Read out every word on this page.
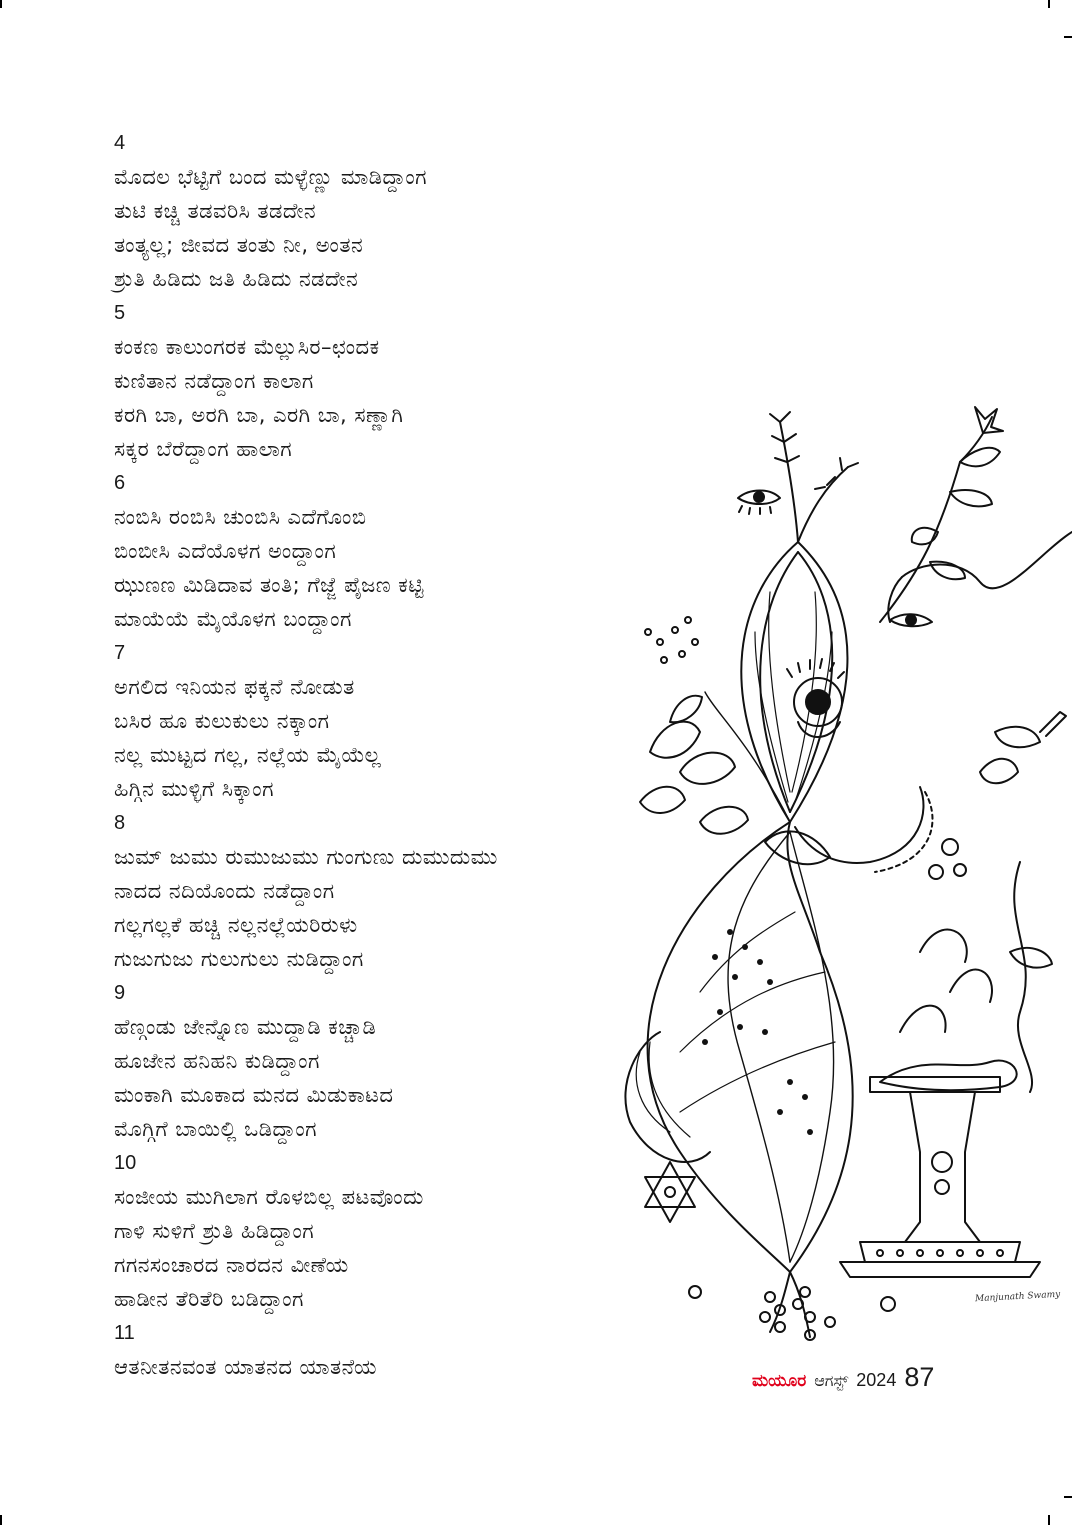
4
ಮೊದಲ ಭೆಟ್ಟಿಗೆ ಬಂದ ಮಳ್ಳೆಣ್ಣು ಮಾಡಿದ್ದಾಂಗ
ತುಟಿ ಕಚ್ಚಿ ತಡವರಿಸಿ ತಡದೇನ
ತಂತ್ಯಲ್ಲ; ಜೀವದ ತಂತು ನೀ, ಅಂತನ
ಶ್ರುತಿ ಹಿಡಿದು ಜತಿ ಹಿಡಿದು ನಡದೇನ
5
ಕಂಕಣ ಕಾಲುಂಗರಕ ಮೆಲ್ಲುಸಿರ–ಛಂದಕ
ಕುಣಿತಾನ ನಡೆದ್ದಾಂಗ ಕಾಲಾಗ
ಕರಗಿ ಬಾ, ಅರಗಿ ಬಾ, ಎರಗಿ ಬಾ, ಸಣ್ಣಾಗಿ
ಸಕ್ಕರ ಬೆರೆದ್ದಾಂಗ ಹಾಲಾಗ
6
ನಂಬಿಸಿ ರಂಬಿಸಿ ಚುಂಬಿಸಿ ಎದೆಗೊಂಬಿ
ಬಿಂಬೀಸಿ ಎದೆಯೊಳಗ ಅಂದ್ದಾಂಗ
ಝುಣಣ ಮಿಡಿದಾವ ತಂತಿ; ಗೆಜ್ಜೆ ಪೈಜಣ ಕಟ್ಟಿ
ಮಾಯೆಯೆ ಮೈಯೊಳಗ ಬಂದ್ದಾಂಗ
7
ಅಗಲಿದ ಇನಿಯನ ಫಕ್ಕನೆ ನೋಡುತ
ಬಸಿರ ಹೂ ಕುಲುಕುಲು ನಕ್ಕಾಂಗ
ನಲ್ಲ ಮುಟ್ಟದ ಗಲ್ಲ, ನಲ್ಲೆಯ ಮೈಯೆಲ್ಲ
ಹಿಗ್ಗಿನ ಮುಳ್ಳಿಗೆ ಸಿಕ್ಕಾಂಗ
8
ಜುಮ್ ಜುಮು ರುಮುಜುಮು ಗುಂಗುಣು ದುಮುದುಮು
ನಾದದ ನದಿಯೊಂದು ನಡೆದ್ದಾಂಗ
ಗಲ್ಲಗಲ್ಲಕೆ ಹಚ್ಚಿ ನಲ್ಲನಲ್ಲೆಯರಿರುಳು
ಗುಜುಗುಜು ಗುಲುಗುಲು ನುಡಿದ್ದಾಂಗ
9
ಹೆಣ್ಗಂಡು ಜೇನ್ನೊಣ ಮುದ್ದಾಡಿ ಕಚ್ಚಾಡಿ
ಹೂಜೇನ ಹನಿಹನಿ ಕುಡಿದ್ದಾಂಗ
ಮಂಕಾಗಿ ಮೂಕಾದ ಮನದ ಮಿಡುಕಾಟದ
ಮೊಗ್ಗಿಗೆ ಬಾಯಿಲ್ಲಿ ಒಡಿದ್ದಾಂಗ
10
ಸಂಜೀಯ ಮುಗಿಲಾಗ ರೊಳಬಿಲ್ಲ ಪಟವೊಂದು
ಗಾಳಿ ಸುಳಿಗೆ ಶ್ರುತಿ ಹಿಡಿದ್ದಾಂಗ
ಗಗನಸಂಚಾರದ ನಾರದನ ವೀಣೆಯ
ಹಾಡೀನ ತೆರಿತೆರಿ ಬಡಿದ್ದಾಂಗ
11
ಆತನೀತನವಂತ ಯಾತನದ ಯಾತನೆಯ
Manjunath Swamy
ಮಯೂರ ಆಗಸ್ಟ್ 2024 87
